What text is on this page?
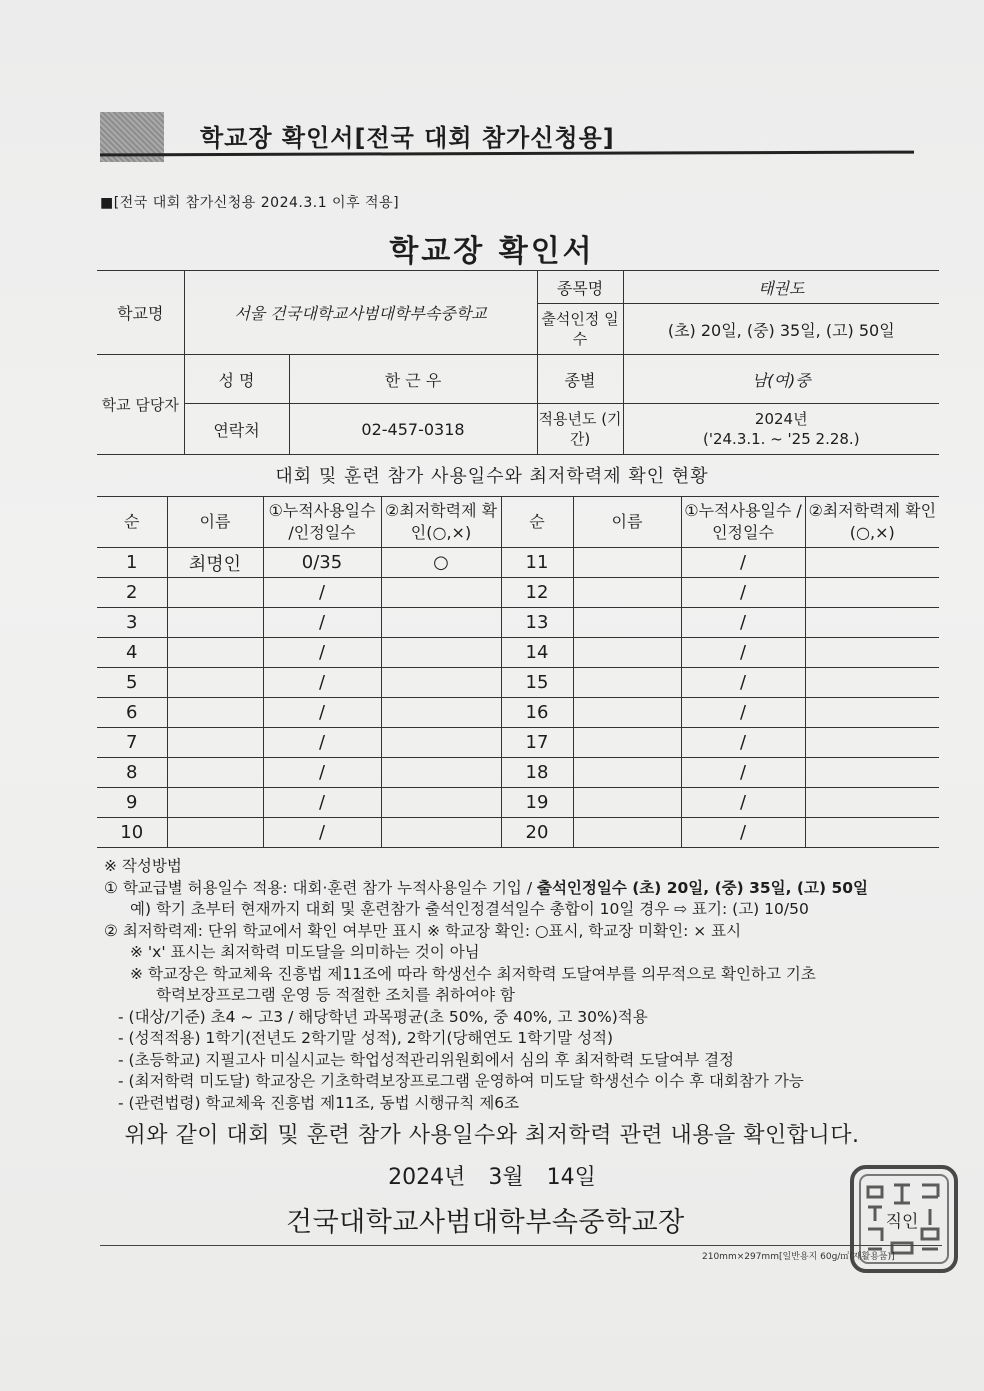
학교장 확인서[전국 대회 참가신청용]
■[전국 대회 참가신청용 2024.3.1 이후 적용]
학교장 확인서
학교명	서울 건국대학교사범대학부속중학교		종목명	태권도
			출석인정 일수	(초) 20일, (중) 35일, (고) 50일
학교 담당자	성 명	한 근 우	종별	남(여)중
	연락처	02-457-0318	적용년도 (기간)	2024년
('24.3.1. ~ '25 2.28.)
대회 및 훈련 참가 사용일수와 최저학력제 확인 현황
순	이름	①누적사용일수 /인정일수	②최저학력제 확인(○,×)	순	이름	①누적사용일수 /인정일수	②최저학력제 확인(○,×)
1	최명인	0/35	○	11		/	
2		/		12		/	
3		/		13		/	
4		/		14		/	
5		/		15		/	
6		/		16		/	
7		/		17		/	
8		/		18		/	
9		/		19		/	
10		/		20		/	
※ 작성방법
① 학교급별 허용일수 적용: 대회·훈련 참가 누적사용일수 기입 / 출석인정일수 (초) 20일, (중) 35일, (고) 50일
예) 학기 초부터 현재까지 대회 및 훈련참가 출석인정결석일수 총합이 10일 경우 ⇨ 표기: (고) 10/50
② 최저학력제: 단위 학교에서 확인 여부만 표시 ※ 학교장 확인: ○표시, 학교장 미확인: × 표시
※ 'x' 표시는 최저학력 미도달을 의미하는 것이 아님
※ 학교장은 학교체육 진흥법 제11조에 따라 학생선수 최저학력 도달여부를 의무적으로 확인하고 기초
학력보장프로그램 운영 등 적절한 조치를 취하여야 함
- (대상/기준) 초4 ~ 고3 / 해당학년 과목평균(초 50%, 중 40%, 고 30%)적용
- (성적적용) 1학기(전년도 2학기말 성적), 2학기(당해연도 1학기말 성적)
- (초등학교) 지필고사 미실시교는 학업성적관리위원회에서 심의 후 최저학력 도달여부 결정
- (최저학력 미도달) 학교장은 기초학력보장프로그램 운영하여 미도달 학생선수 이수 후 대회참가 가능
- (관련법령) 학교체육 진흥법 제11조, 동법 시행규칙 제6조
위와 같이 대회 및 훈련 참가 사용일수와 최저학력 관련 내용을 확인합니다.
2024년 3월 14일
건국대학교사범대학부속중학교장	직인
210mm×297mm[일반용지 60g/㎡(재활용품)]
